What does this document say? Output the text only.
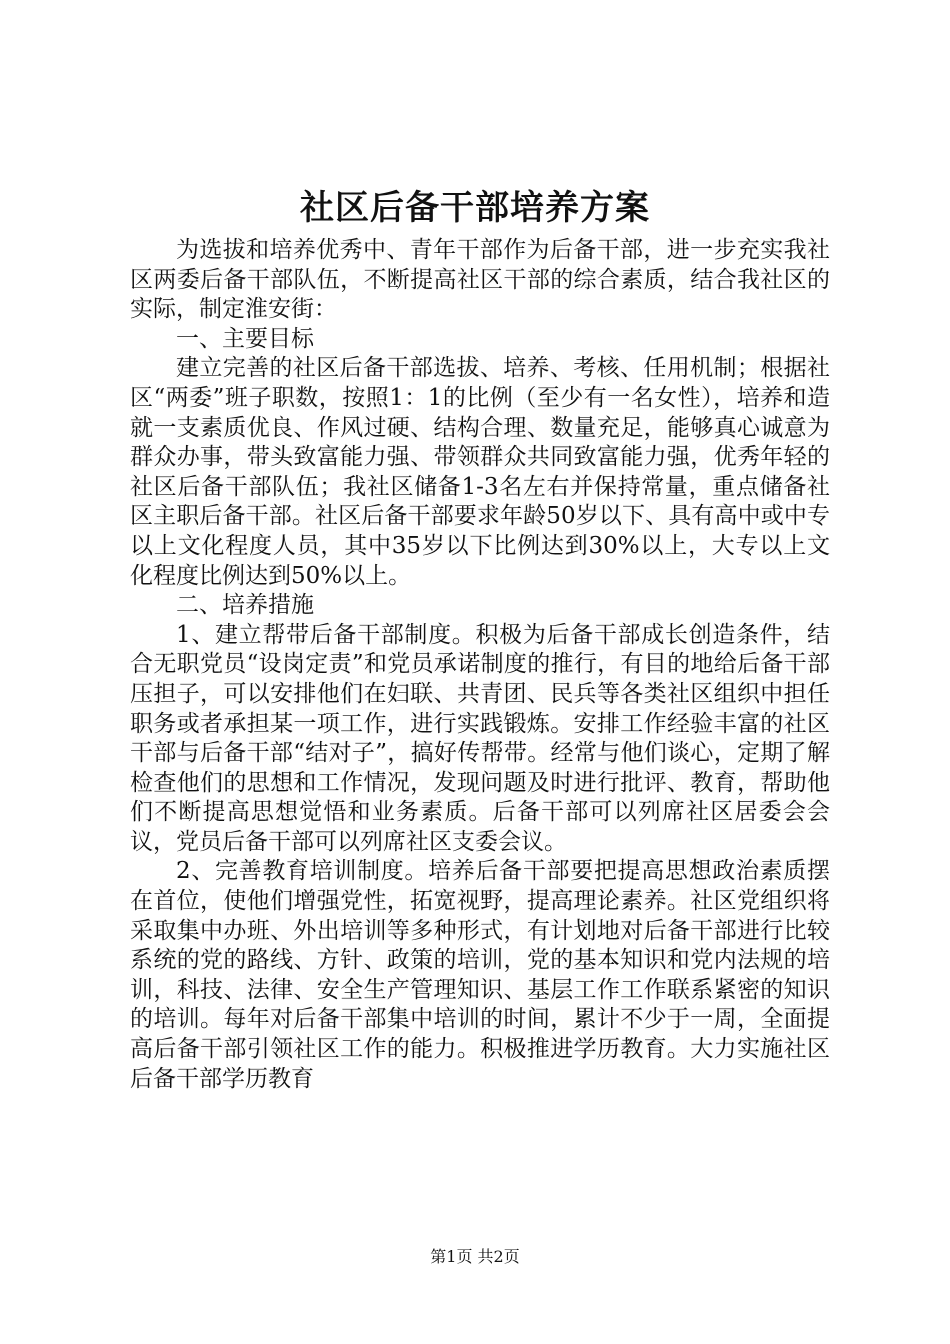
社区后备干部培养方案

为选拔和培养优秀中、青年干部作为后备干部，进一步充实我社区两委后备干部队伍，不断提高社区干部的综合素质，结合我社区的实际，制定淮安街：

一、主要目标

建立完善的社区后备干部选拔、培养、考核、任用机制；根据社区“两委”班子职数，按照1：1的比例（至少有一名女性），培养和造就一支素质优良、作风过硬、结构合理、数量充足，能够真心诚意为群众办事，带头致富能力强、带领群众共同致富能力强，优秀年轻的社区后备干部队伍；我社区储备1-3名左右并保持常量，重点储备社区主职后备干部。社区后备干部要求年龄50岁以下、具有高中或中专以上文化程度人员，其中35岁以下比例达到30%以上，大专以上文化程度比例达到50%以上。

二、培养措施

1、建立帮带后备干部制度。积极为后备干部成长创造条件，结合无职党员“设岗定责”和党员承诺制度的推行，有目的地给后备干部压担子，可以安排他们在妇联、共青团、民兵等各类社区组织中担任职务或者承担某一项工作，进行实践锻炼。安排工作经验丰富的社区干部与后备干部“结对子”，搞好传帮带。经常与他们谈心，定期了解检查他们的思想和工作情况，发现问题及时进行批评、教育，帮助他们不断提高思想觉悟和业务素质。后备干部可以列席社区居委会会议，党员后备干部可以列席社区支委会议。

2、完善教育培训制度。培养后备干部要把提高思想政治素质摆在首位，使他们增强党性，拓宽视野，提高理论素养。社区党组织将采取集中办班、外出培训等多种形式，有计划地对后备干部进行比较系统的党的路线、方针、政策的培训，党的基本知识和党内法规的培训，科技、法律、安全生产管理知识、基层工作工作联系紧密的知识的培训。每年对后备干部集中培训的时间，累计不少于一周，全面提高后备干部引领社区工作的能力。积极推进学历教育。大力实施社区后备干部学历教育

第1页 共2页
